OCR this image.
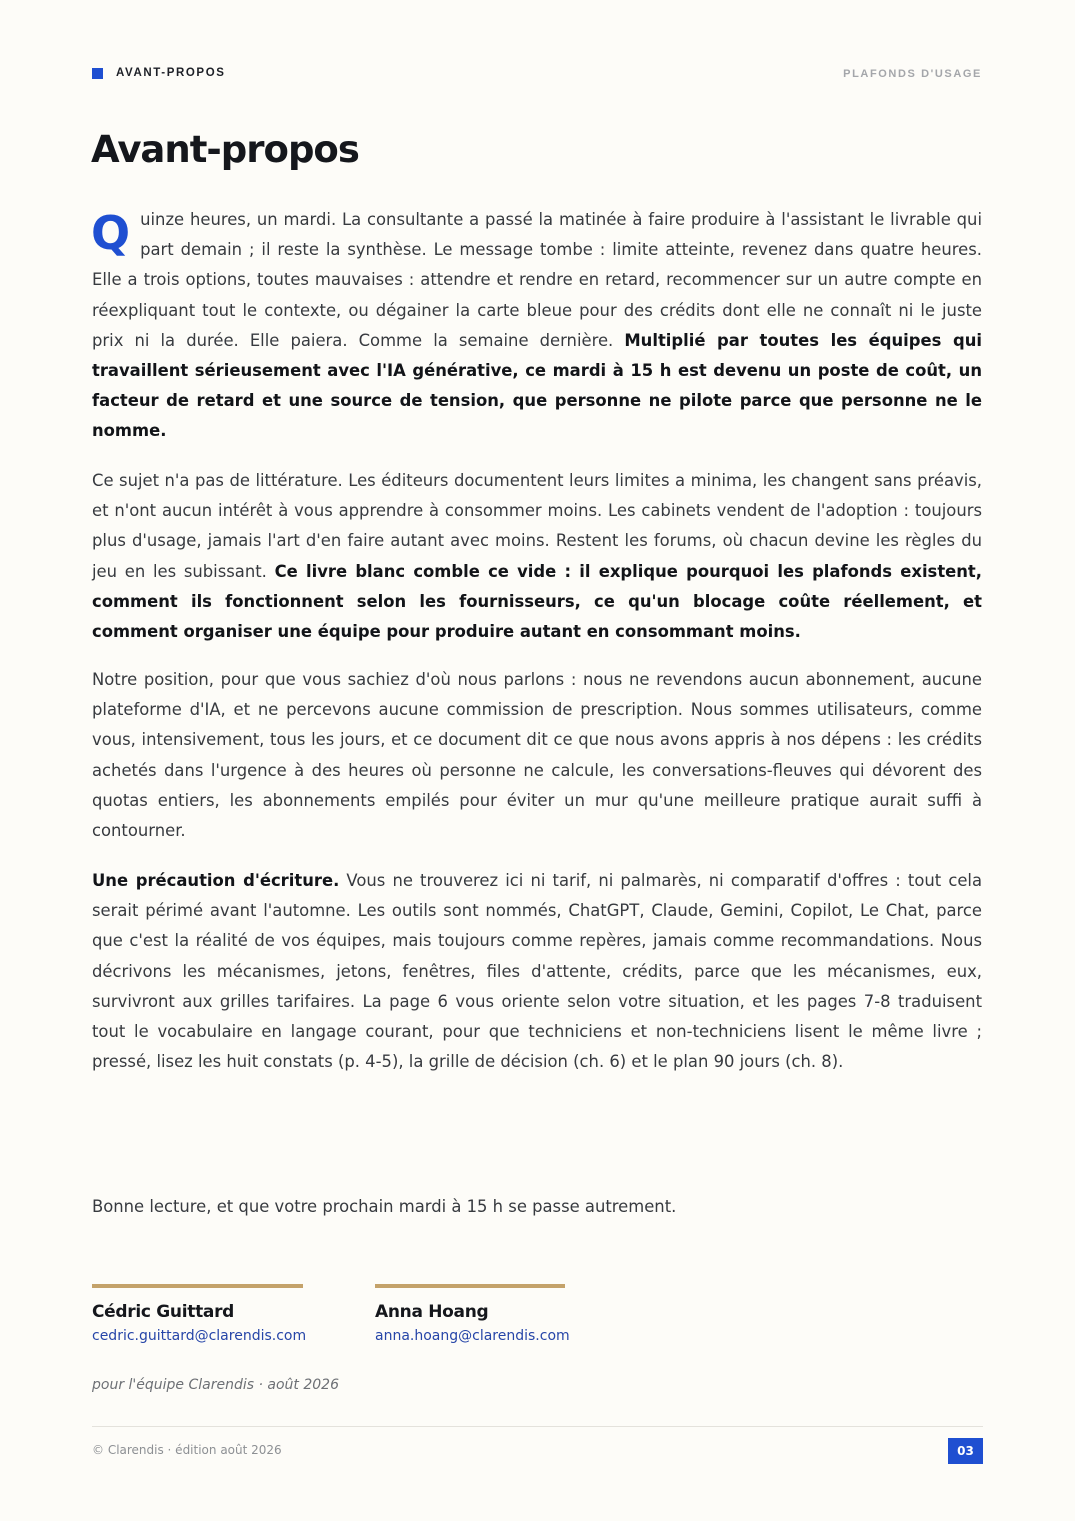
AVANT-PROPOS	PLAFONDS D'USAGE
Avant-propos

Quinze heures, un mardi. La consultante a passé la matinée à faire produire à l'assistant le livrable qui part demain ; il reste la synthèse. Le message tombe : limite atteinte, revenez dans quatre heures. Elle a trois options, toutes mauvaises : attendre et rendre en retard, recommencer sur un autre compte en réexpliquant tout le contexte, ou dégainer la carte bleue pour des crédits dont elle ne connaît ni le juste prix ni la durée. Elle paiera. Comme la semaine dernière. Multiplié par toutes les équipes qui travaillent sérieusement avec l'IA générative, ce mardi à 15 h est devenu un poste de coût, un facteur de retard et une source de tension, que personne ne pilote parce que personne ne le nomme.

Ce sujet n'a pas de littérature. Les éditeurs documentent leurs limites a minima, les changent sans préavis, et n'ont aucun intérêt à vous apprendre à consommer moins. Les cabinets vendent de l'adoption : toujours plus d'usage, jamais l'art d'en faire autant avec moins. Restent les forums, où chacun devine les règles du jeu en les subissant. Ce livre blanc comble ce vide : il explique pourquoi les plafonds existent, comment ils fonctionnent selon les fournisseurs, ce qu'un blocage coûte réellement, et comment organiser une équipe pour produire autant en consommant moins.

Notre position, pour que vous sachiez d'où nous parlons : nous ne revendons aucun abonnement, aucune plateforme d'IA, et ne percevons aucune commission de prescription. Nous sommes utilisateurs, comme vous, intensivement, tous les jours, et ce document dit ce que nous avons appris à nos dépens : les crédits achetés dans l'urgence à des heures où personne ne calcule, les conversations-fleuves qui dévorent des quotas entiers, les abonnements empilés pour éviter un mur qu'une meilleure pratique aurait suffi à contourner.

Une précaution d'écriture. Vous ne trouverez ici ni tarif, ni palmarès, ni comparatif d'offres : tout cela serait périmé avant l'automne. Les outils sont nommés, ChatGPT, Claude, Gemini, Copilot, Le Chat, parce que c'est la réalité de vos équipes, mais toujours comme repères, jamais comme recommandations. Nous décrivons les mécanismes, jetons, fenêtres, files d'attente, crédits, parce que les mécanismes, eux, survivront aux grilles tarifaires. La page 6 vous oriente selon votre situation, et les pages 7-8 traduisent tout le vocabulaire en langage courant, pour que techniciens et non-techniciens lisent le même livre ; pressé, lisez les huit constats (p. 4-5), la grille de décision (ch. 6) et le plan 90 jours (ch. 8).

Bonne lecture, et que votre prochain mardi à 15 h se passe autrement.

Cédric Guittard
cedric.guittard@clarendis.com
Anna Hoang
anna.hoang@clarendis.com
pour l'équipe Clarendis · août 2026
© Clarendis · édition août 2026	03
